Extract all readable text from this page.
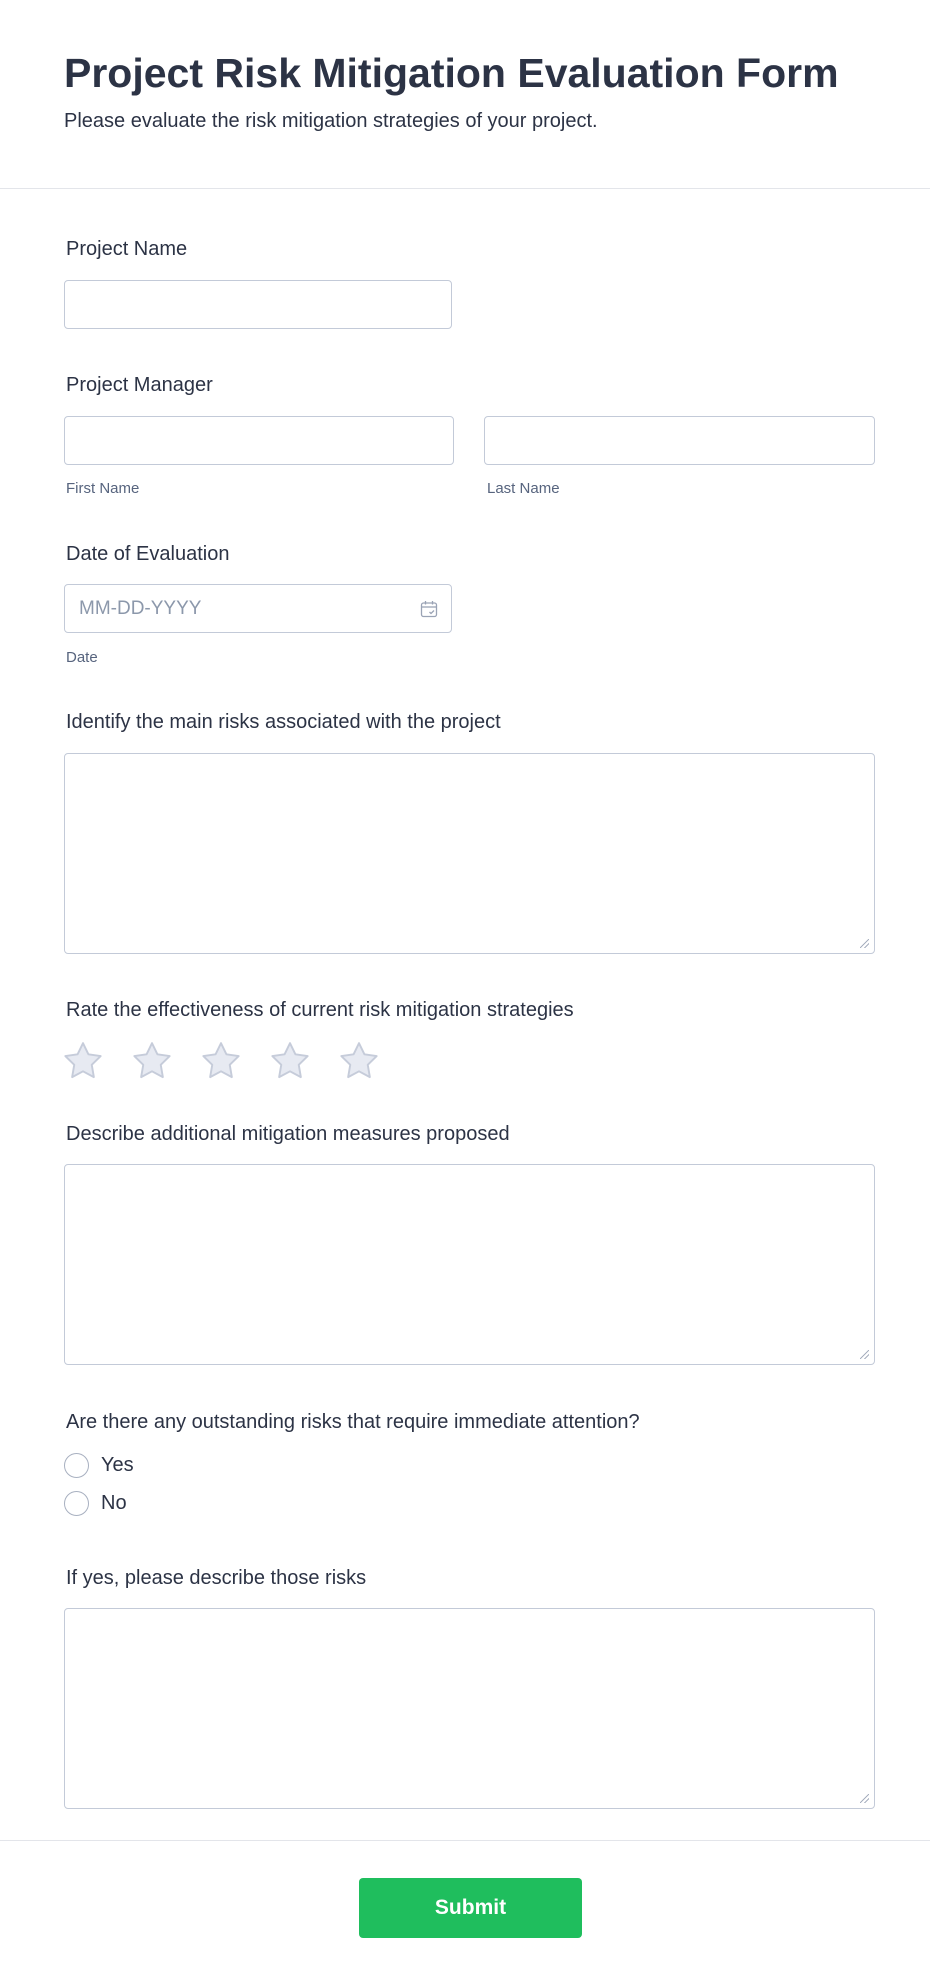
Project Risk Mitigation Evaluation Form

Please evaluate the risk mitigation strategies of your project.

Project Name
Project Manager
First Name	Last Name
Date of Evaluation
MM-DD-YYYY
Date
Identify the main risks associated with the project
Rate the effectiveness of current risk mitigation strategies
Describe additional mitigation measures proposed
Are there any outstanding risks that require immediate attention?
Yes
No
If yes, please describe those risks
Submit
